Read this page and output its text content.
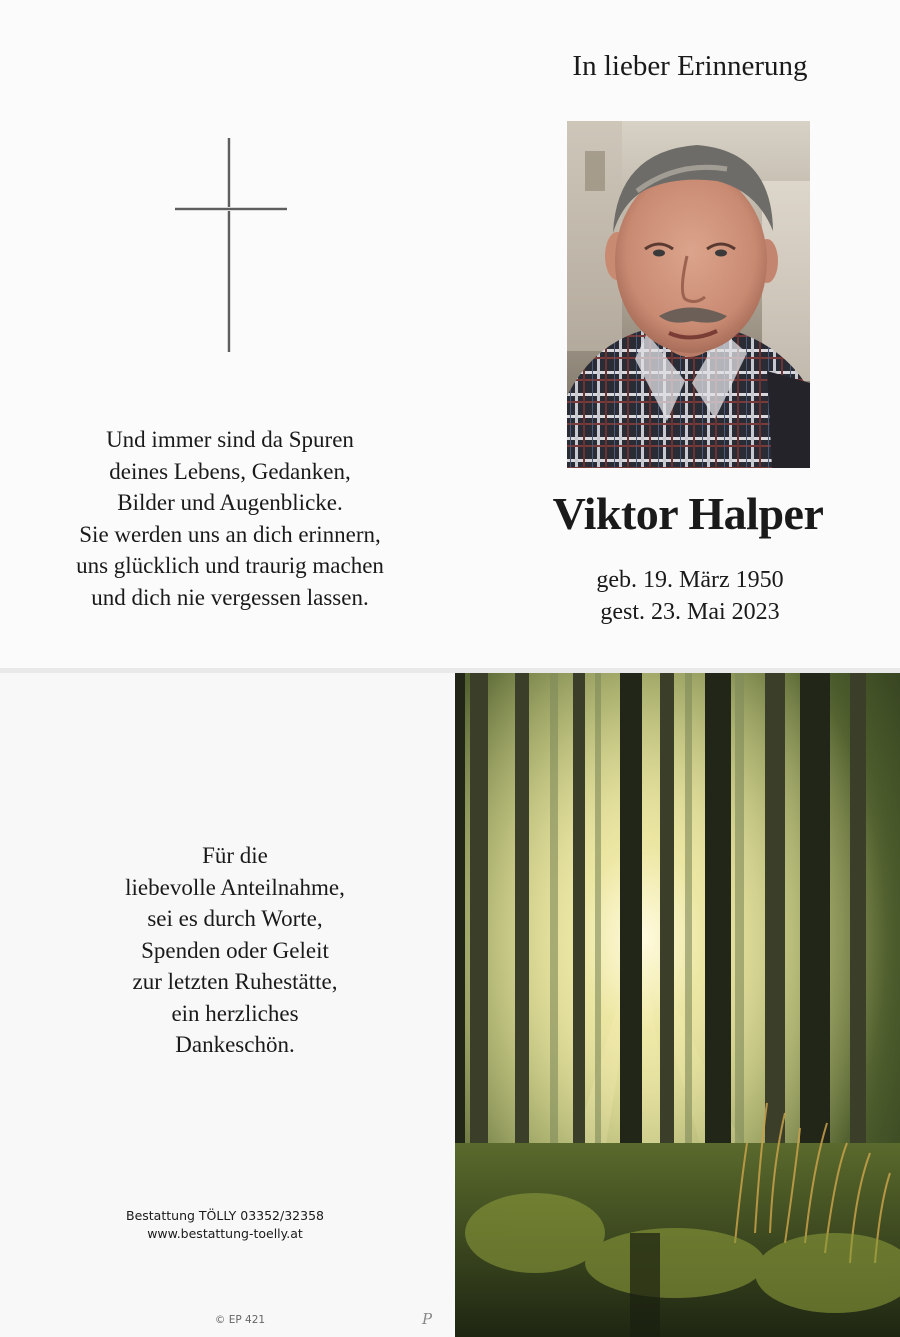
Und immer sind da Spuren
deines Lebens, Gedanken,
Bilder und Augenblicke.
Sie werden uns an dich erinnern,
uns glücklich und traurig machen
und dich nie vergessen lassen.
In lieber Erinnerung
Viktor Halper
geb. 19. März 1950
gest. 23. Mai 2023
Für die
liebevolle Anteilnahme,
sei es durch Worte,
Spenden oder Geleit
zur letzten Ruhestätte,
ein herzliches
Dankeschön.
Bestattung TÖLLY 03352/32358
www.bestattung-toelly.at
© EP 421	P
